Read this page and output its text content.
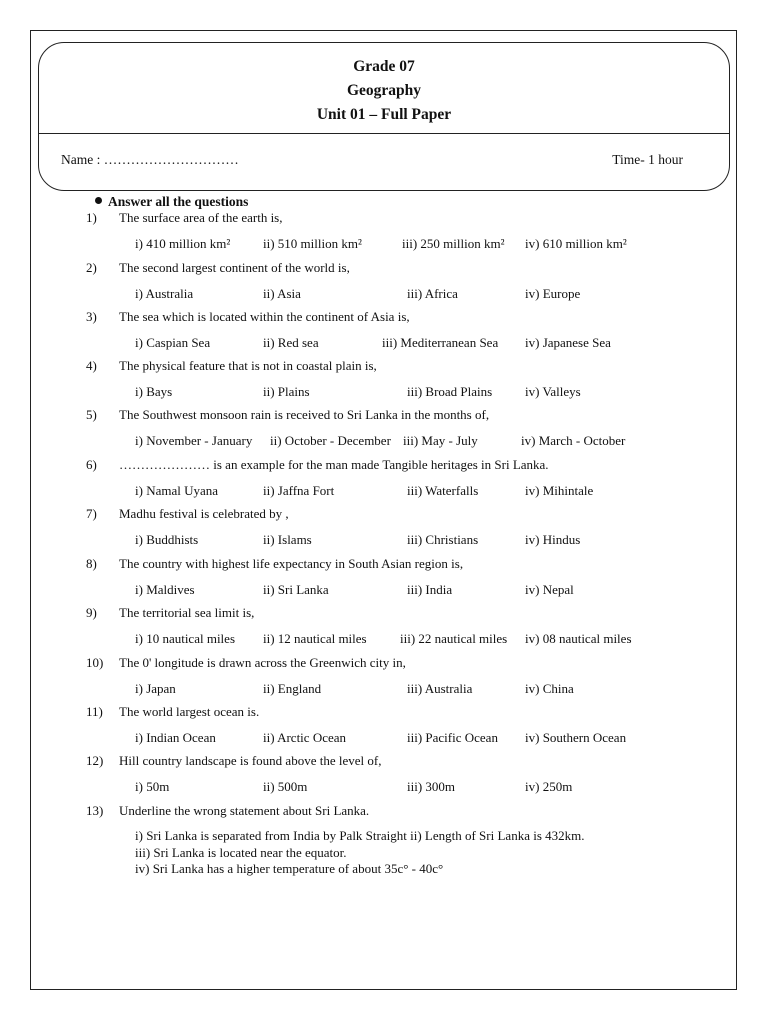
Grade 07
Geography
Unit 01 – Full Paper
Name : …………………………	Time- 1 hour
Answer all the questions
1) The surface area of the earth is,
i) 410 million km²	ii) 510 million km²	iii) 250 million km² iv) 610 million km²
2) The second largest continent of the world is,
i) Australia	ii) Asia	iii) Africa	iv) Europe
3) The sea which is located within the continent of Asia is,
i) Caspian Sea	ii) Red sea	iii) Mediterranean Sea iv) Japanese Sea
4) The physical feature that is not in coastal plain is,
i) Bays	ii) Plains	iii) Broad Plains	iv) Valleys
5) The Southwest monsoon rain is received to Sri Lanka in the months of,
i) November - January ii) October - December iii) May - July	iv) March - October
6) ………………… is an example for the man made Tangible heritages in Sri Lanka.
i) Namal Uyana	ii) Jaffna Fort	iii) Waterfalls	iv) Mihintale
7) Madhu festival is celebrated by ,
i) Buddhists	ii) Islams	iii) Christians	iv) Hindus
8) The country with highest life expectancy in South Asian region is,
i) Maldives	ii) Sri Lanka	iii) India	iv) Nepal
9) The territorial sea limit is,
i) 10 nautical miles ii) 12 nautical miles	iii) 22 nautical miles iv) 08 nautical miles
10) The 0' longitude is drawn across the Greenwich city in,
i) Japan	ii) England	iii) Australia	iv) China
11) The world largest ocean is.
i) Indian Ocean	ii) Arctic Ocean	iii) Pacific Ocean iv) Southern Ocean
12) Hill country landscape is found above the level of,
i) 50m	ii) 500m	iii) 300m	iv) 250m
13) Underline the wrong statement about Sri Lanka.
i) Sri Lanka is separated from India by Palk Straight ii) Length of Sri Lanka is 432km.
iii) Sri Lanka is located near the equator.
iv) Sri Lanka has a higher temperature of about 35c° - 40c°
